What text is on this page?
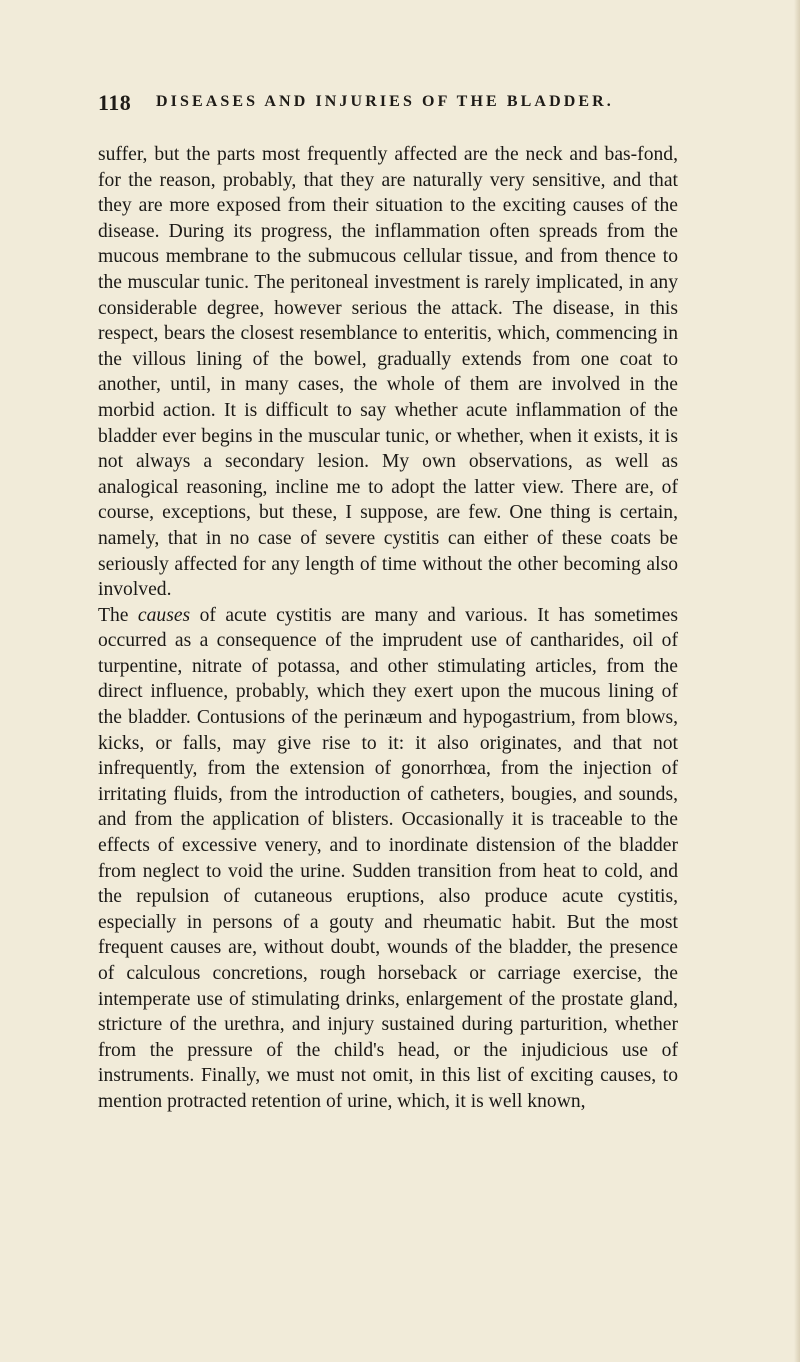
118 DISEASES AND INJURIES OF THE BLADDER.

suffer, but the parts most frequently affected are the neck and bas-fond, for the reason, probably, that they are naturally very sensitive, and that they are more exposed from their situation to the exciting causes of the disease. During its progress, the inflammation often spreads from the mucous membrane to the submucous cellular tissue, and from thence to the muscular tunic. The peritoneal investment is rarely implicated, in any considerable degree, however serious the attack. The disease, in this respect, bears the closest resemblance to enteritis, which, commencing in the villous lining of the bowel, gradually extends from one coat to another, until, in many cases, the whole of them are involved in the morbid action. It is difficult to say whether acute inflammation of the bladder ever begins in the muscular tunic, or whether, when it exists, it is not always a secondary lesion. My own observations, as well as analogical reasoning, incline me to adopt the latter view. There are, of course, exceptions, but these, I suppose, are few. One thing is certain, namely, that in no case of severe cystitis can either of these coats be seriously affected for any length of time without the other becoming also involved.

The causes of acute cystitis are many and various. It has sometimes occurred as a consequence of the imprudent use of cantharides, oil of turpentine, nitrate of potassa, and other stimulating articles, from the direct influence, probably, which they exert upon the mucous lining of the bladder. Contusions of the perinæum and hypogastrium, from blows, kicks, or falls, may give rise to it: it also originates, and that not infrequently, from the extension of gonorrhœa, from the injection of irritating fluids, from the introduction of catheters, bougies, and sounds, and from the application of blisters. Occasionally it is traceable to the effects of excessive venery, and to inordinate distension of the bladder from neglect to void the urine. Sudden transition from heat to cold, and the repulsion of cutaneous eruptions, also produce acute cystitis, especially in persons of a gouty and rheumatic habit. But the most frequent causes are, without doubt, wounds of the bladder, the presence of calculous concretions, rough horseback or carriage exercise, the intemperate use of stimulating drinks, enlargement of the prostate gland, stricture of the urethra, and injury sustained during parturition, whether from the pressure of the child's head, or the injudicious use of instruments. Finally, we must not omit, in this list of exciting causes, to mention protracted retention of urine, which, it is well known,
